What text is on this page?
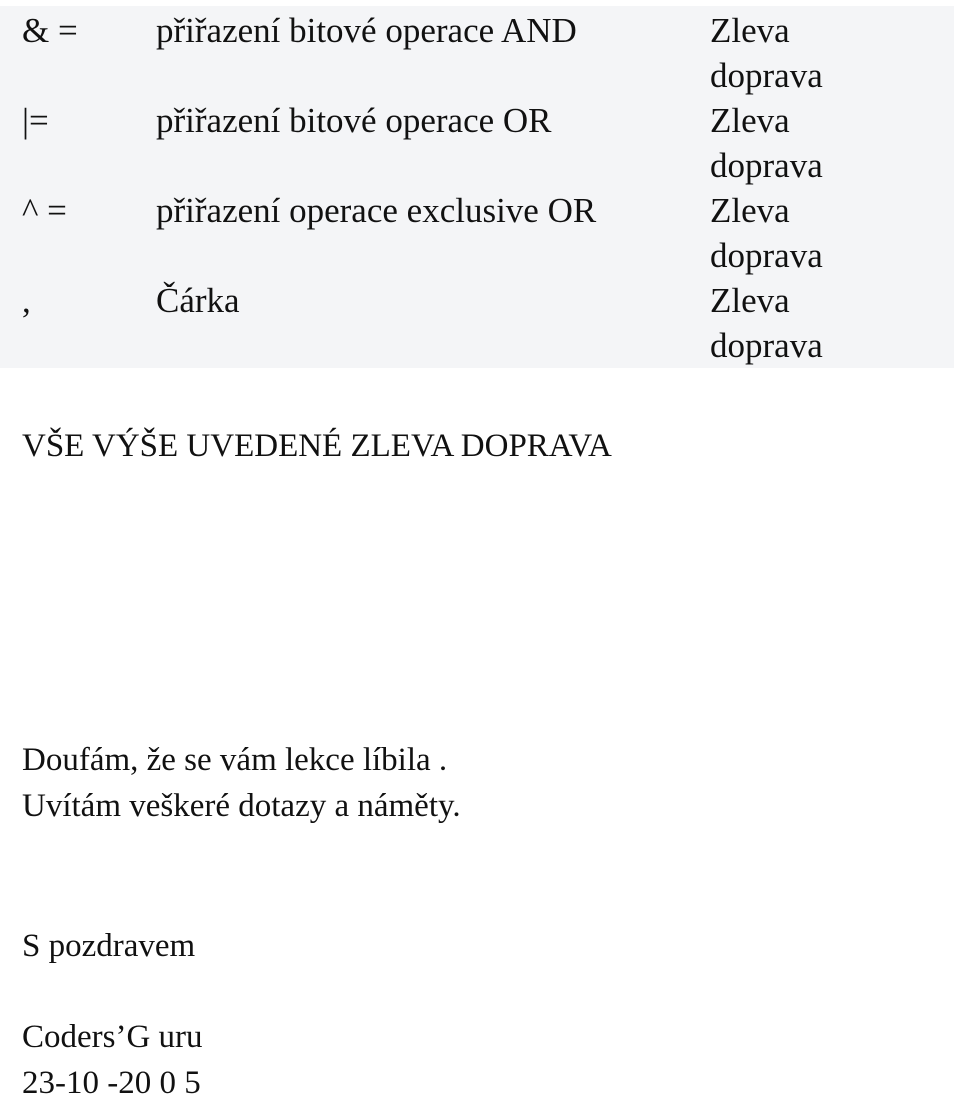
& = přiřazení bitové operace AND	Zleva
doprava
|=	přiřazení bitové operace OR	Zleva
doprava
^ =	přiřazení operace exclusive OR	Zleva
doprava
,	Čárka	Zleva
doprava
VŠE VÝŠE UVEDENÉ ZLEVA DOPRAVA
Doufám, že se vám lekce líbila .
Uvítám veškeré dotazy a náměty.
S pozdravem
Coders’G uru
23-10 -20 0 5
